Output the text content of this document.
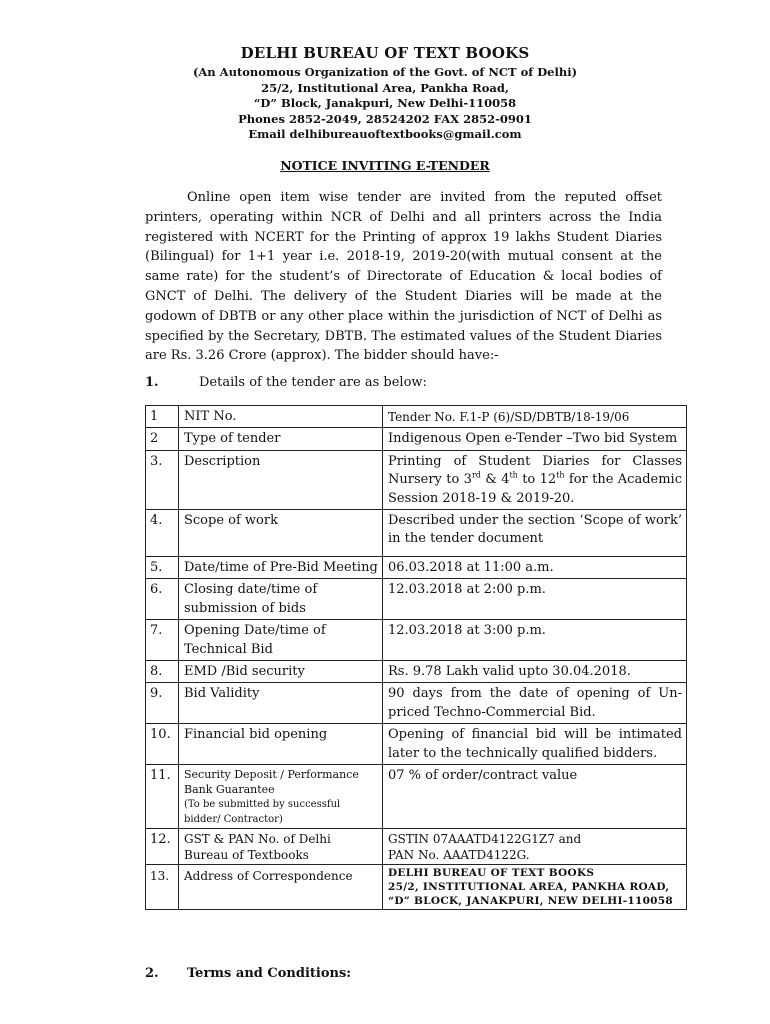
DELHI BUREAU OF TEXT BOOKS
(An Autonomous Organization of the Govt. of NCT of Delhi)
25/2, Institutional Area, Pankha Road,
“D” Block, Janakpuri, New Delhi-110058
Phones 2852-2049, 28524202 FAX 2852-0901
Email delhibureauoftextbooks@gmail.com
NOTICE INVITING E-TENDER
Online open item wise tender are invited from the reputed offset printers, operating within NCR of Delhi and all printers across the India registered with NCERT for the Printing of approx 19 lakhs Student Diaries (Bilingual) for 1+1 year i.e. 2018-19, 2019-20(with mutual consent at the same rate) for the student’s of Directorate of Education & local bodies of GNCT of Delhi. The delivery of the Student Diaries will be made at the godown of DBTB or any other place within the jurisdiction of NCT of Delhi as specified by the Secretary, DBTB. The estimated values of the Student Diaries are Rs. 3.26 Crore (approx). The bidder should have:-
1.	Details of the tender are as below:
1	NIT No.	Tender No. F.1-P (6)/SD/DBTB/18-19/06
2	Type of tender	Indigenous Open e-Tender –Two bid System
3.	Description	Printing of Student Diaries for Classes Nursery to 3rd & 4th to 12th for the Academic Session 2018-19 & 2019-20.
4.	Scope of work	Described under the section ‘Scope of work’ in the tender document
5.	Date/time of Pre-Bid Meeting	06.03.2018 at 11:00 a.m.
6.	Closing date/time of submission of bids	12.03.2018 at 2:00 p.m.
7.	Opening Date/time of Technical Bid	12.03.2018 at 3:00 p.m.
8.	EMD /Bid security	Rs. 9.78 Lakh valid upto 30.04.2018.
9.	Bid Validity	90 days from the date of opening of Un-priced Techno-Commercial Bid.
10.	Financial bid opening	Opening of financial bid will be intimated later to the technically qualified bidders.
11.	Security Deposit / Performance Bank Guarantee
(To be submitted by successful bidder/ Contractor)	07 % of order/contract value
12.	GST & PAN No. of Delhi Bureau of Textbooks	GSTIN 07AAATD4122G1Z7 and
PAN No. AAATD4122G.

13.	Address of Correspondence	DELHI BUREAU OF TEXT BOOKS
25/2, INSTITUTIONAL AREA, PANKHA ROAD,
“D” BLOCK, JANAKPURI, NEW DELHI-110058
2. Terms and Conditions:
